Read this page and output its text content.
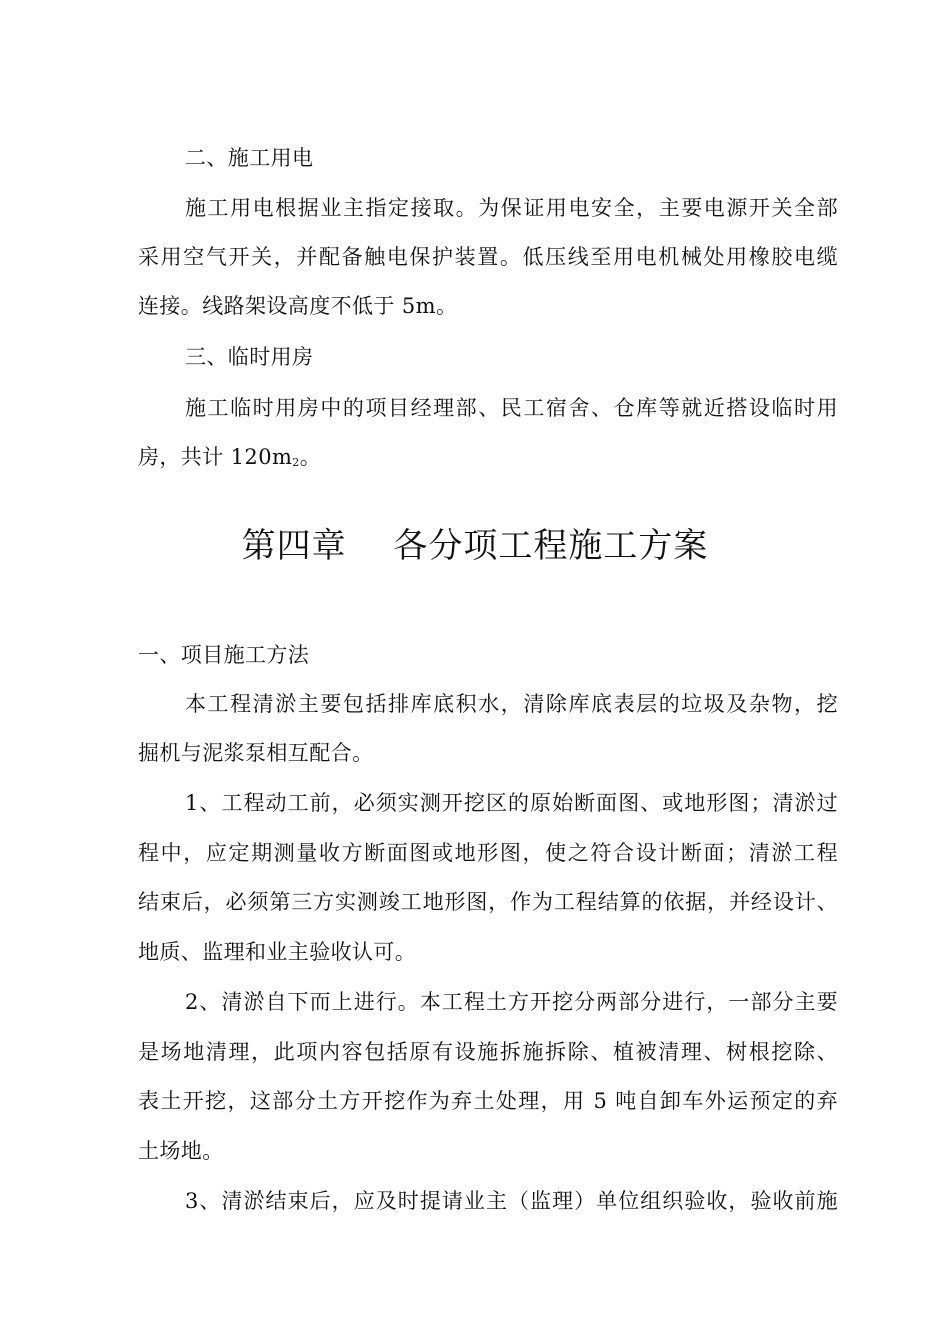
二、施工用电
施工用电根据业主指定接取。为保证用电安全，主要电源开关全部
采用空气开关，并配备触电保护装置。低压线至用电机械处用橡胶电缆
连接。线路架设高度不低于 5m。
三、临时用房
施工临时用房中的项目经理部、民工宿舍、仓库等就近搭设临时用
房，共计 $120m^2$。
第四章　 各分项工程施工方案
一、项目施工方法
本工程清淤主要包括排库底积水，清除库底表层的垃圾及杂物，挖
掘机与泥浆泵相互配合。
1、工程动工前，必须实测开挖区的原始断面图、或地形图；清淤过
程中，应定期测量收方断面图或地形图，使之符合设计断面；清淤工程
结束后，必须第三方实测竣工地形图，作为工程结算的依据，并经设计、
地质、监理和业主验收认可。
2、清淤自下而上进行。本工程土方开挖分两部分进行，一部分主要
是场地清理，此项内容包括原有设施拆施拆除、植被清理、树根挖除、
表土开挖，这部分土方开挖作为弃土处理，用 5 吨自卸车外运预定的弃
土场地。
3、清淤结束后，应及时提请业主（监理）单位组织验收，验收前施
